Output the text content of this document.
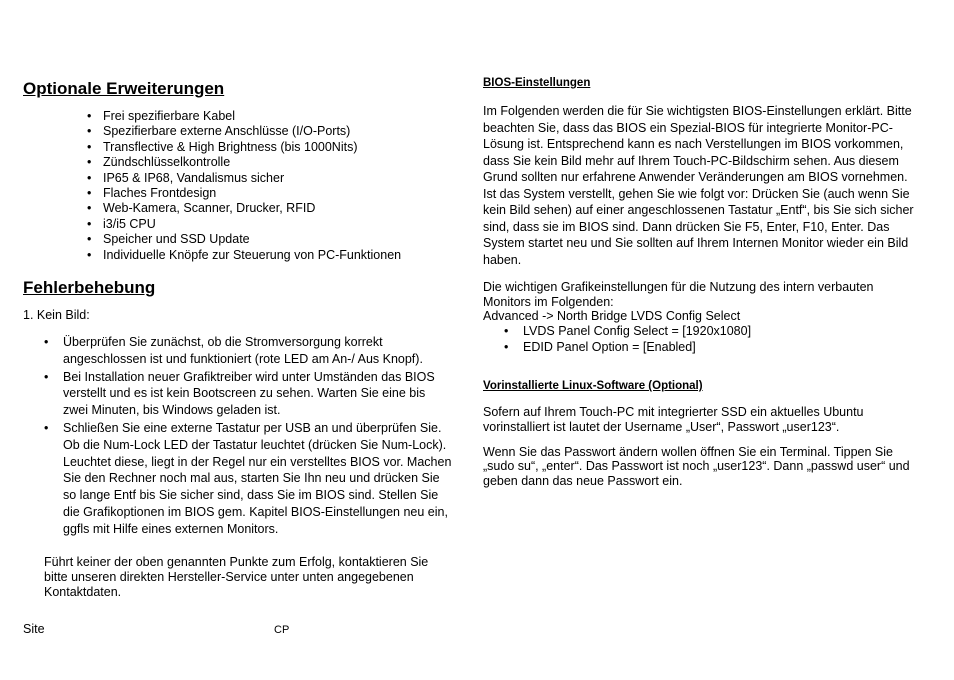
Optionale Erweiterungen
• Frei spezifierbare Kabel
• Spezifierbare externe Anschlüsse (I/O-Ports)
• Transflective & High Brightness (bis 1000Nits)
• Zündschlüsselkontrolle
• IP65 & IP68, Vandalismus sicher
• Flaches Frontdesign
• Web-Kamera, Scanner, Drucker, RFID
• i3/i5 CPU
• Speicher und SSD Update
• Individuelle Knöpfe zur Steuerung von PC-Funktionen
Fehlerbehebung
1. Kein Bild:
• Überprüfen Sie zunächst, ob die Stromversorgung korrekt angeschlossen ist und funktioniert (rote LED am An-/ Aus Knopf).
• Bei Installation neuer Grafiktreiber wird unter Umständen das BIOS verstellt und es ist kein Bootscreen zu sehen. Warten Sie eine bis zwei Minuten, bis Windows geladen ist.
• Schließen Sie eine externe Tastatur per USB an und überprüfen Sie. Ob die Num-Lock LED der Tastatur leuchtet (drücken Sie Num-Lock). Leuchtet diese, liegt in der Regel nur ein verstelltes BIOS vor. Machen Sie den Rechner noch mal aus, starten Sie Ihn neu und drücken Sie so lange Entf bis Sie sicher sind, dass Sie im BIOS sind. Stellen Sie die Grafikoptionen im BIOS gem. Kapitel BIOS-Einstellungen neu ein, ggfls mit Hilfe eines externen Monitors.

Führt keiner der oben genannten Punkte zum Erfolg, kontaktieren Sie bitte unseren direkten Hersteller-Service unter unten angegebenen Kontaktdaten.

BIOS-Einstellungen

Im Folgenden werden die für Sie wichtigsten BIOS-Einstellungen erklärt. Bitte beachten Sie, dass das BIOS ein Spezial-BIOS für integrierte Monitor-PC-Lösung ist. Entsprechend kann es nach Verstellungen im BIOS vorkommen, dass Sie kein Bild mehr auf Ihrem Touch-PC-Bildschirm sehen. Aus diesem Grund sollten nur erfahrene Anwender Veränderungen am BIOS vornehmen. Ist das System verstellt, gehen Sie wie folgt vor: Drücken Sie (auch wenn Sie kein Bild sehen) auf einer angeschlossenen Tastatur „Entf“, bis Sie sich sicher sind, dass sie im BIOS sind. Dann drücken Sie F5, Enter, F10, Enter. Das System startet neu und Sie sollten auf Ihrem Internen Monitor wieder ein Bild haben.

Die wichtigen Grafikeinstellungen für die Nutzung des intern verbauten Monitors im Folgenden:

Advanced -> North Bridge LVDS Config Select

• LVDS Panel Config Select = [1920x1080]
• EDID Panel Option = [Enabled]
Vorinstallierte Linux-Software (Optional)

Sofern auf Ihrem Touch-PC mit integrierter SSD ein aktuelles Ubuntu vorinstalliert ist lautet der Username „User“, Passwort „user123“.

Wenn Sie das Passwort ändern wollen öffnen Sie ein Terminal. Tippen Sie „sudo su“, „enter“. Das Passwort ist noch „user123“. Dann „passwd user“ und geben dann das neue Passwort ein.

Site	CP
